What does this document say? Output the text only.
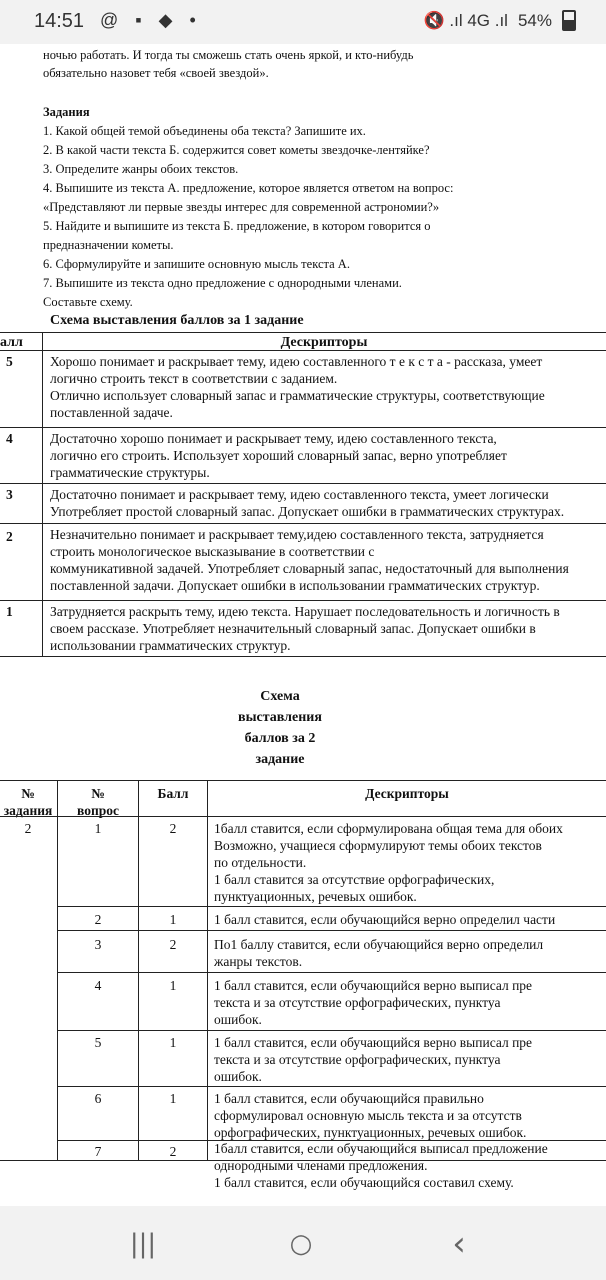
14:51 @ ▪ ◆ •	🔇 .ıl 4G .ıl 54%
ночью работать. И тогда ты сможешь стать очень яркой, и кто-нибудь
обязательно назовет тебя «своей звездой».
Задания
1. Какой общей темой объединены оба текста? Запишите их.
2. В какой части текста Б. содержится совет кометы звездочке-лентяйке?
3. Определите жанры обоих текстов.
4. Выпишите из текста А. предложение, которое является ответом на вопрос:
«Представляют ли первые звезды интерес для современной астрономии?»
5. Найдите и выпишите из текста Б. предложение, в котором говорится о
предназначении кометы.
6. Сформулируйте и запишите основную мысль текста А.
7. Выпишите из текста одно предложение с однородными членами.
Составьте схему.
Схема выставления баллов за 1 задание
алл	Дескрипторы
5	Хорошо понимает и раскрывает тему, идею составленного т е к с т а - рассказа, умеет
логично строить текст в соответствии с заданием.
Отлично использует словарный запас и грамматические структуры, соответствующие
поставленной задаче.
4	Достаточно хорошо понимает и раскрывает тему, идею составленного текста,
логично его строить. Использует хороший словарный запас, верно употребляет
грамматические структуры.
3	Достаточно понимает и раскрывает тему, идею составленного текста, умеет логически
Употребляет простой словарный запас. Допускает ошибки в грамматических структурах.
2	Незначительно понимает и раскрывает тему,идею составленного текста, затрудняется
строить монологическое высказывание в соответствии с
коммуникативной задачей. Употребляет словарный запас, недостаточный для выполнения
поставленной задачи. Допускает ошибки в использовании грамматических структур.
1	Затрудняется раскрыть тему, идею текста. Нарушает последовательность и логичность в
своем рассказе. Употребляет незначительный словарный запас. Допускает ошибки в
использовании грамматических структур.
Схема
выставления
баллов за 2
задание
№
задания
№
вопрос
Балл	Дескрипторы
2	1	2	1балл ставится, если сформулирована общая тема для обоих
Возможно, учащиеся сформулируют темы обоих текстов
по отдельности.
1 балл ставится за отсутствие орфографических,
пунктуационных, речевых ошибок.
2	1	1 балл ставится, если обучающийся верно определил части
3	2	По1 баллу ставится, если обучающийся верно определил
жанры текстов.
4	1	1 балл ставится, если обучающийся верно выписал пре
текста и за отсутствие орфографических, пунктуа
ошибок.
5	1	1 балл ставится, если обучающийся верно выписал пре
текста и за отсутствие орфографических, пунктуа
ошибок.
6	1	1 балл ставится, если обучающийся правильно
сформулировал основную мысль текста и за отсутств
орфографических, пунктуационных, речевых ошибок.
7	2	1балл ставится, если обучающийся выписал предложение
однородными членами предложения.
1 балл ставится, если обучающийся составил схему.
|||	○	‹
